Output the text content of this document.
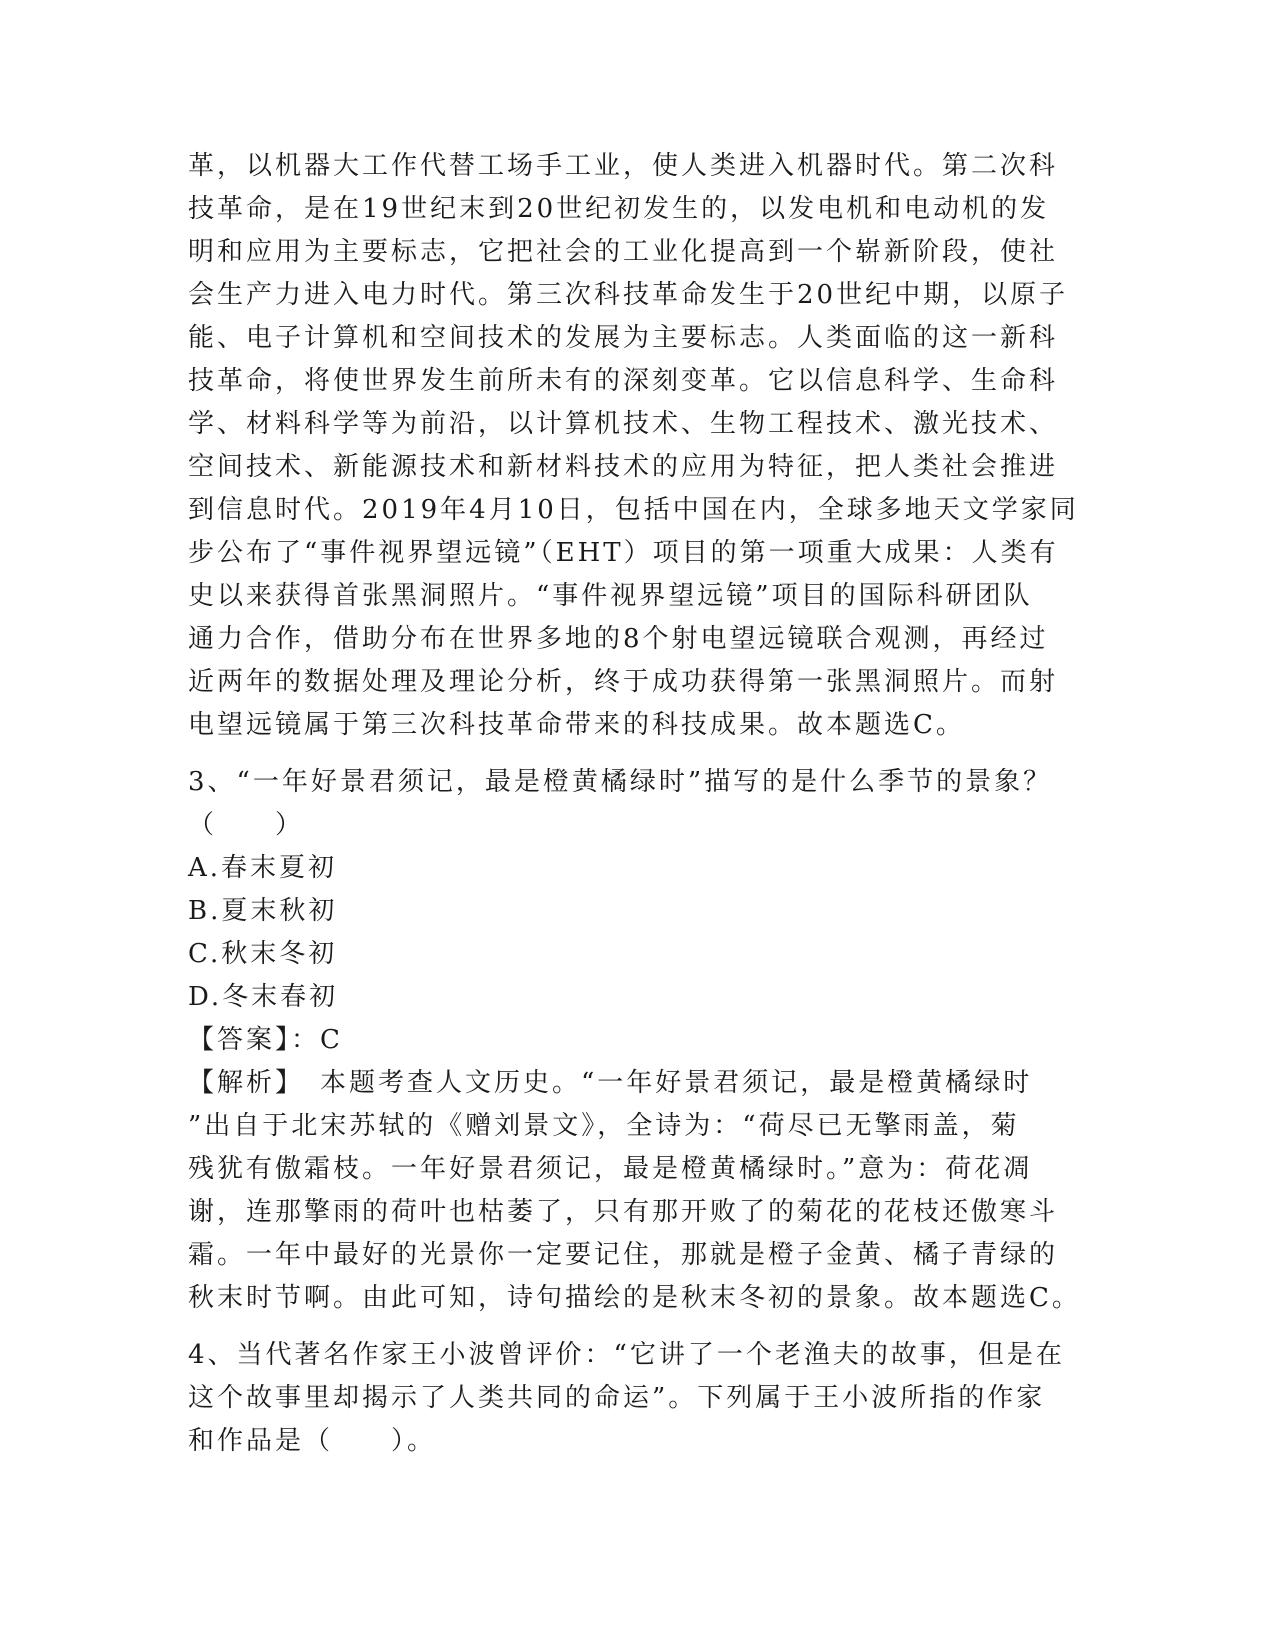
革，以机器大工作代替工场手工业，使人类进入机器时代。第二次科
技革命，是在19世纪末到20世纪初发生的，以发电机和电动机的发
明和应用为主要标志，它把社会的工业化提高到一个崭新阶段，使社
会生产力进入电力时代。第三次科技革命发生于20世纪中期，以原子
能、电子计算机和空间技术的发展为主要标志。人类面临的这一新科
技革命，将使世界发生前所未有的深刻变革。它以信息科学、生命科
学、材料科学等为前沿，以计算机技术、生物工程技术、激光技术、
空间技术、新能源技术和新材料技术的应用为特征，把人类社会推进
到信息时代。2019年4月10日，包括中国在内，全球多地天文学家同
步公布了“事件视界望远镜”（EHT）项目的第一项重大成果：人类有
史以来获得首张黑洞照片。“事件视界望远镜”项目的国际科研团队
通力合作，借助分布在世界多地的8个射电望远镜联合观测，再经过
近两年的数据处理及理论分析，终于成功获得第一张黑洞照片。而射
电望远镜属于第三次科技革命带来的科技成果。故本题选C。
3、“一年好景君须记，最是橙黄橘绿时”描写的是什么季节的景象？
（　　）
A.春末夏初
B.夏末秋初
C.秋末冬初
D.冬末春初
【答案】：C
【解析】　本题考查人文历史。“一年好景君须记，最是橙黄橘绿时
”出自于北宋苏轼的《赠刘景文》，全诗为：“荷尽已无擎雨盖，菊
残犹有傲霜枝。一年好景君须记，最是橙黄橘绿时。”意为：荷花凋
谢，连那擎雨的荷叶也枯萎了，只有那开败了的菊花的花枝还傲寒斗
霜。一年中最好的光景你一定要记住，那就是橙子金黄、橘子青绿的
秋末时节啊。由此可知，诗句描绘的是秋末冬初的景象。故本题选C。
4、当代著名作家王小波曾评价：“它讲了一个老渔夫的故事，但是在
这个故事里却揭示了人类共同的命运”。下列属于王小波所指的作家
和作品是（　　）。
